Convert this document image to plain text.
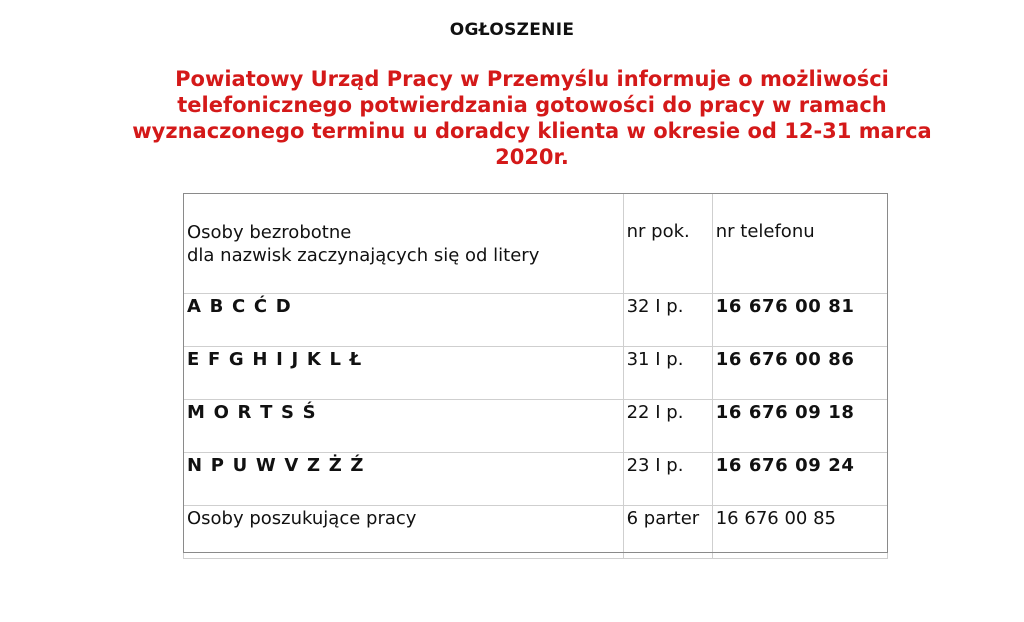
OGŁOSZENIE
Powiatowy Urząd Pracy w Przemyślu informuje o możliwości telefonicznego potwierdzania gotowości do pracy w ramach wyznaczonego terminu u doradcy klienta w okresie od 12-31 marca 2020r.
Osoby bezrobotne
dla nazwisk zaczynających się od litery	nr pok.	nr telefonu
A B C Ć D	32 I p.	16 676 00 81
E F G H I J K L Ł	31 I p.	16 676 00 86
M O R T S Ś	22 I p.	16 676 09 18
N P U W V Z Ż Ź	23 I p.	16 676 09 24
Osoby poszukujące pracy	6 parter	16 676 00 85
